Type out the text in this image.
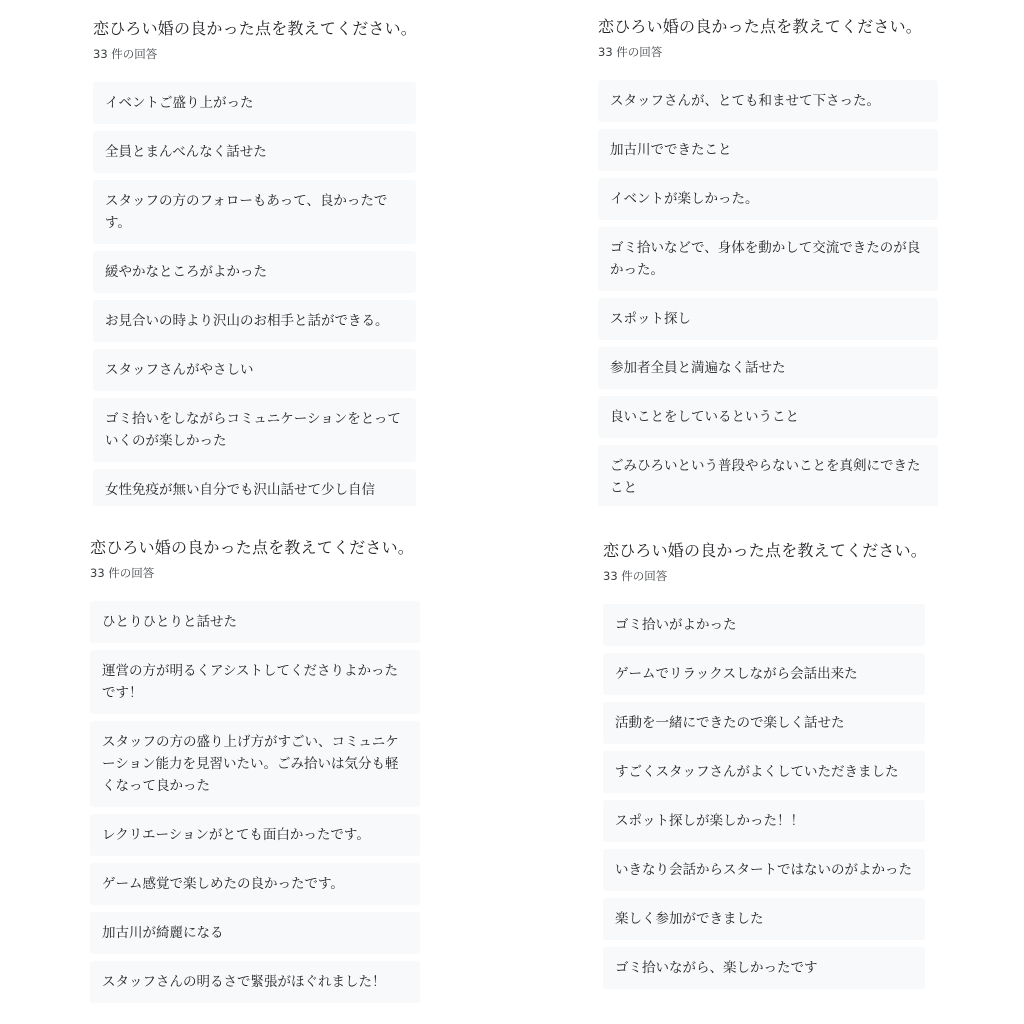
恋ひろい婚の良かった点を教えてください。
33 件の回答
イベントご盛り上がった
全員とまんべんなく話せた
スタッフの方のフォローもあって、良かったです。
緩やかなところがよかった
お見合いの時より沢山のお相手と話ができる。
スタッフさんがやさしい
ゴミ拾いをしながらコミュニケーションをとっていくのが楽しかった
女性免疫が無い自分でも沢山話せて少し自信
恋ひろい婚の良かった点を教えてください。
33 件の回答
スタッフさんが、とても和ませて下さった。
加古川でできたこと
イベントが楽しかった。
ゴミ拾いなどで、身体を動かして交流できたのが良かった。
スポット探し
参加者全員と満遍なく話せた
良いことをしているということ
ごみひろいという普段やらないことを真剣にできたこと
恋ひろい婚の良かった点を教えてください。
33 件の回答
ひとりひとりと話せた
運営の方が明るくアシストしてくださりよかったです！
スタッフの方の盛り上げ方がすごい、コミュニケーション能力を見習いたい。ごみ拾いは気分も軽くなって良かった
レクリエーションがとても面白かったです。
ゲーム感覚で楽しめたの良かったです。
加古川が綺麗になる
スタッフさんの明るさで緊張がほぐれました！
恋ひろい婚の良かった点を教えてください。
33 件の回答
ゴミ拾いがよかった
ゲームでリラックスしながら会話出来た
活動を一緒にできたので楽しく話せた
すごくスタッフさんがよくしていただきました
スポット探しが楽しかった！！
いきなり会話からスタートではないのがよかった
楽しく参加ができました
ゴミ拾いながら、楽しかったです
